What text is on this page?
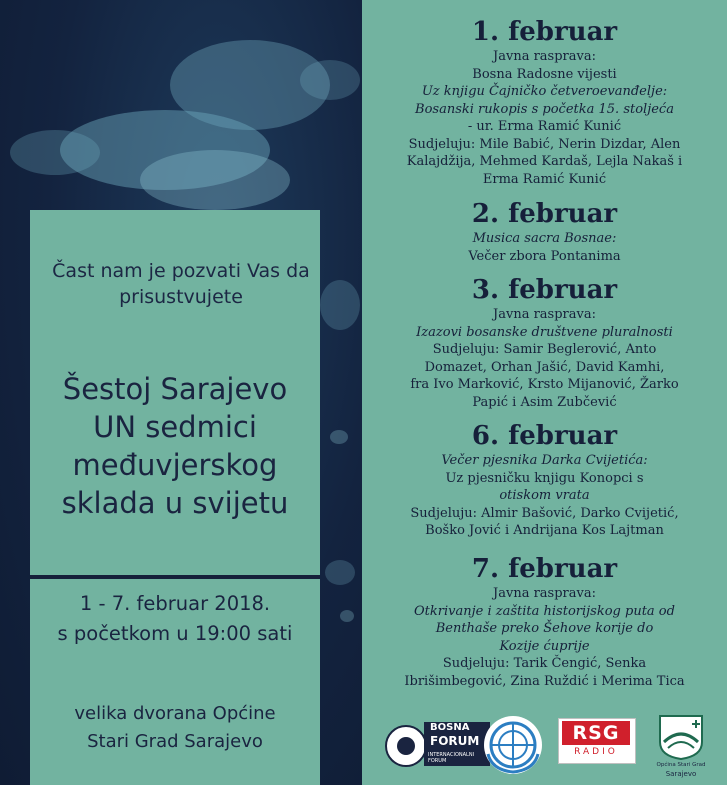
Čast nam je pozvati Vas da prisustvujete
Šestoj Sarajevo
UN sedmici
međuvjerskog
sklada u svijetu
1 - 7. februar 2018.
s početkom u 19:00 sati
velika dvorana Općine
Stari Grad Sarajevo
1. februar

Javna rasprava:

Bosna Radosne vijesti

Uz knjigu Čajničko četveroevanđelje:

Bosanski rukopis s početka 15. stoljeća

- ur. Erma Ramić Kunić

Sudjeluju: Mile Babić, Nerin Dizdar, Alen

Kalajdžija, Mehmed Kardaš, Lejla Nakaš i

Erma Ramić Kunić

2. februar

Musica sacra Bosnae:

Večer zbora Pontanima

3. februar

Javna rasprava:

Izazovi bosanske društvene pluralnosti

Sudjeluju: Samir Beglerović, Anto

Domazet, Orhan Jašić, David Kamhi,

fra Ivo Marković, Krsto Mijanović, Žarko

Papić i Asim Zubčević

6. februar

Večer pjesnika Darka Cvijetića:

Uz pjesničku knjigu Konopci s

otiskom vrata

Sudjeluju: Almir Bašović, Darko Cvijetić,

Boško Jović i Andrijana Kos Lajtman

7. februar

Javna rasprava:

Otkrivanje i zaštita historijskog puta od

Benthaše preko Šehove korije do

Kozije ćuprije

Sudjeluju: Tarik Čengić, Senka

Ibrišimbegović, Zina Ruždić i Merima Tica

BOSNA
FORUM
INTERNACIONALNI FORUM
RSG
RADIO
Općina Stari Grad
Sarajevo
